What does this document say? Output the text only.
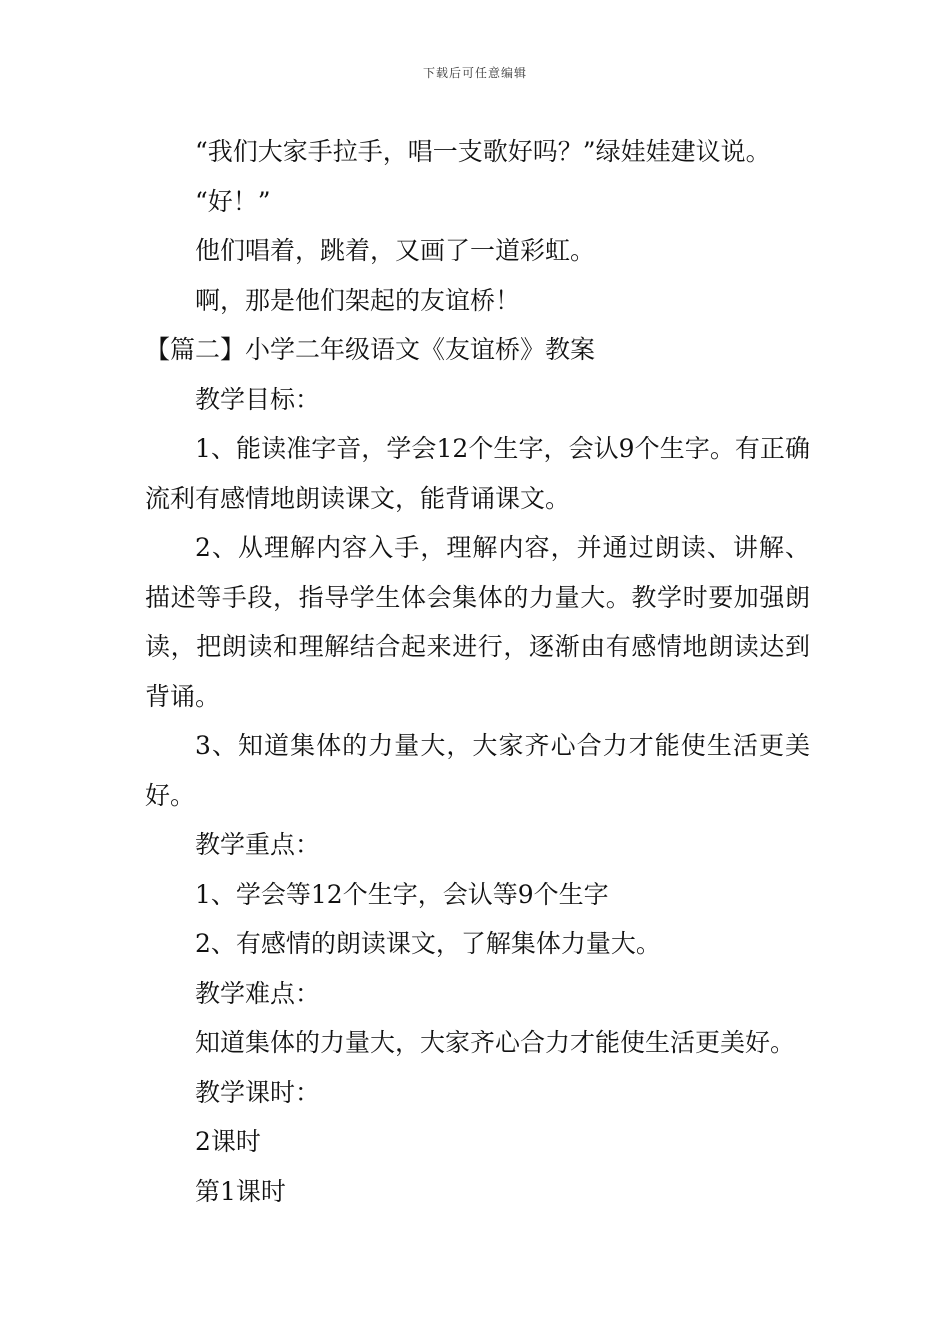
下载后可任意编辑

“我们大家手拉手，唱一支歌好吗？”绿娃娃建议说。

“好！”

他们唱着，跳着，又画了一道彩虹。

啊，那是他们架起的友谊桥！

【篇二】小学二年级语文《友谊桥》教案

教学目标：

1、能读准字音，学会12个生字，会认9个生字。有正确流利有感情地朗读课文，能背诵课文。

2、从理解内容入手，理解内容，并通过朗读、讲解、描述等手段，指导学生体会集体的力量大。教学时要加强朗读，把朗读和理解结合起来进行，逐渐由有感情地朗读达到背诵。

3、知道集体的力量大，大家齐心合力才能使生活更美好。

教学重点：

1、学会等12个生字，会认等9个生字

2、有感情的朗读课文，了解集体力量大。

教学难点：

知道集体的力量大，大家齐心合力才能使生活更美好。

教学课时：

2课时

第1课时
